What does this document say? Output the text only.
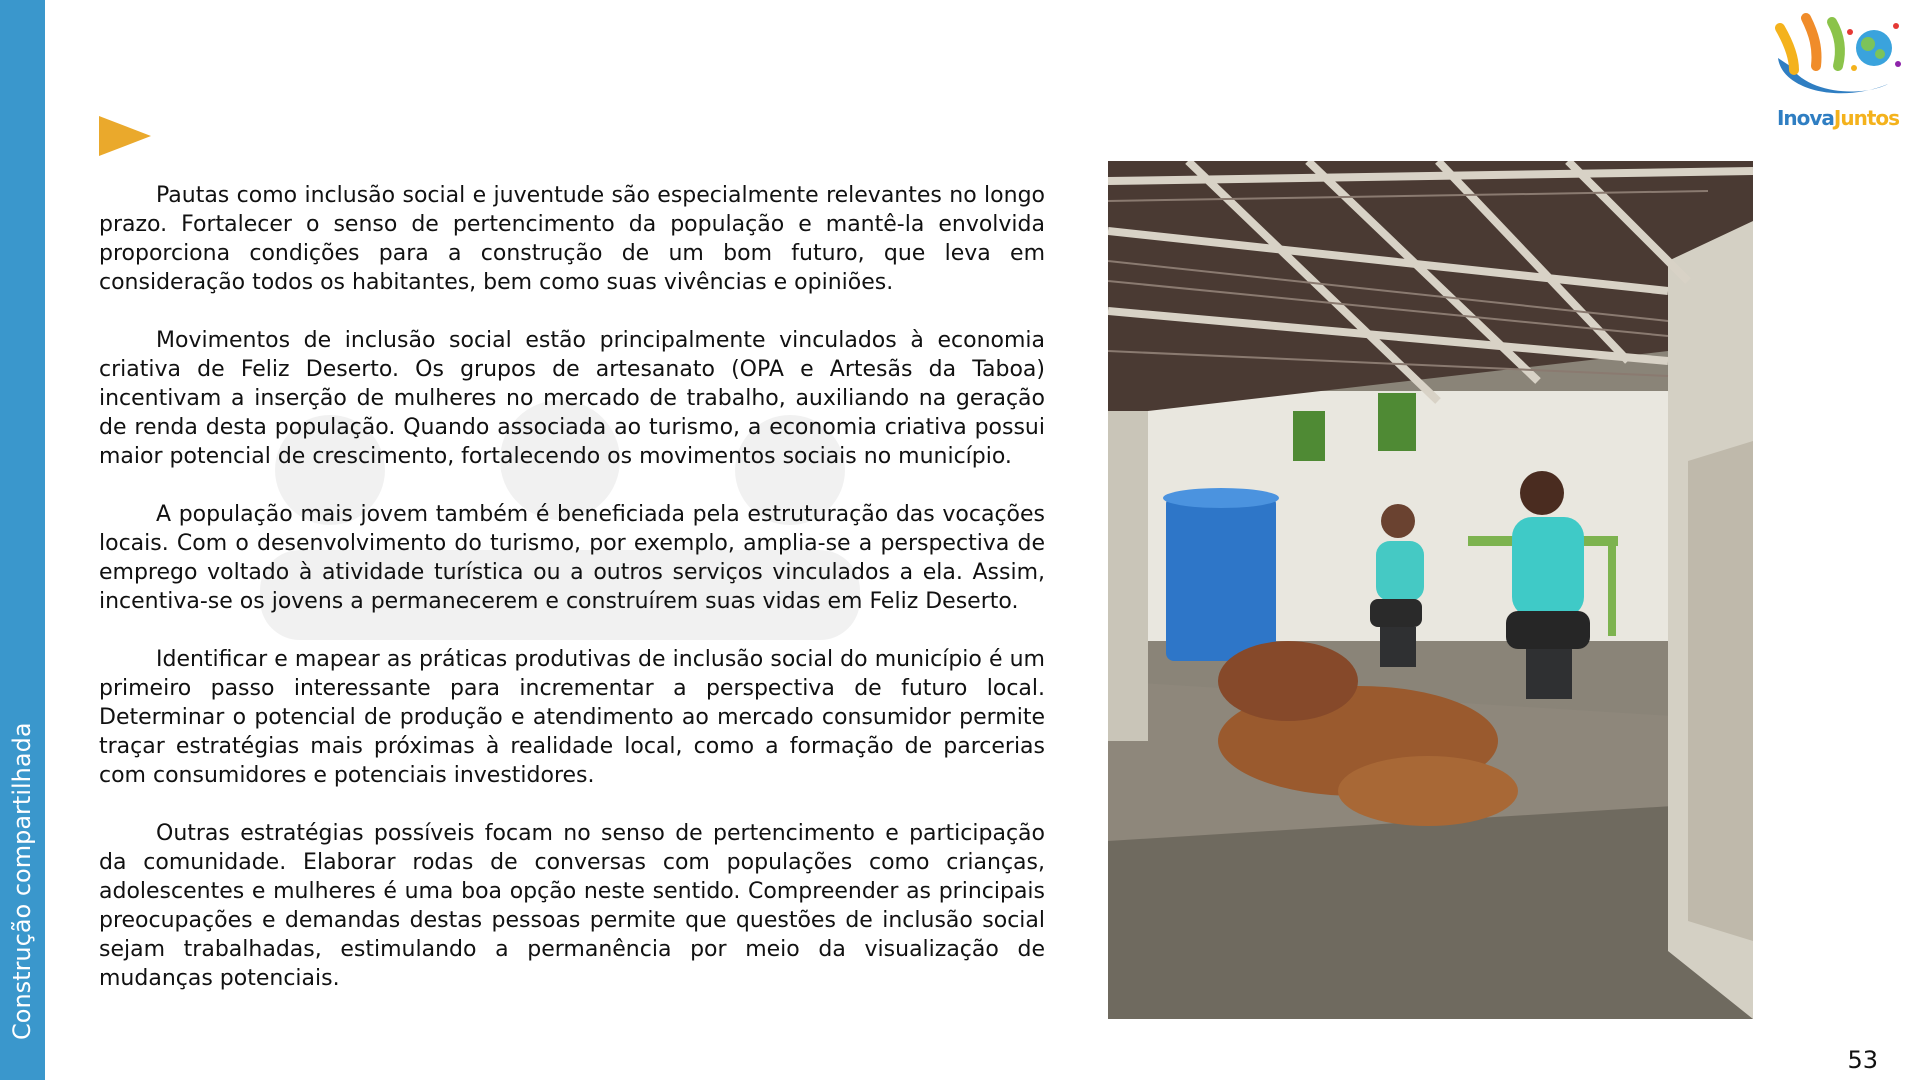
Construção compartilhada

Pautas como inclusão social e juventude são especialmente relevantes no longo prazo. Fortalecer o senso de pertencimento da população e mantê-la envolvida proporciona condições para a construção de um bom futuro, que leva em consideração todos os habitantes, bem como suas vivências e opiniões.

Movimentos de inclusão social estão principalmente vinculados à economia criativa de Feliz Deserto. Os grupos de artesanato (OPA e Artesãs da Taboa) incentivam a inserção de mulheres no mercado de trabalho, auxiliando na geração de renda desta população. Quando associada ao turismo, a economia criativa possui maior potencial de crescimento, fortalecendo os movimentos sociais no município.

A população mais jovem também é beneficiada pela estruturação das vocações locais. Com o desenvolvimento do turismo, por exemplo, amplia-se a perspectiva de emprego voltado à atividade turística ou a outros serviços vinculados a ela. Assim, incentiva-se os jovens a permanecerem e construírem suas vidas em Feliz Deserto.

Identificar e mapear as práticas produtivas de inclusão social do município é um primeiro passo interessante para incrementar a perspectiva de futuro local. Determinar o potencial de produção e atendimento ao mercado consumidor permite traçar estratégias mais próximas à realidade local, como a formação de parcerias com consumidores e potenciais investidores.

Outras estratégias possíveis focam no senso de pertencimento e participação da comunidade. Elaborar rodas de conversas com populações como crianças, adolescentes e mulheres é uma boa opção neste sentido. Compreender as principais preocupações e demandas destas pessoas permite que questões de inclusão social sejam trabalhadas, estimulando a permanência por meio da visualização de mudanças potenciais.

InovaJuntos
53
